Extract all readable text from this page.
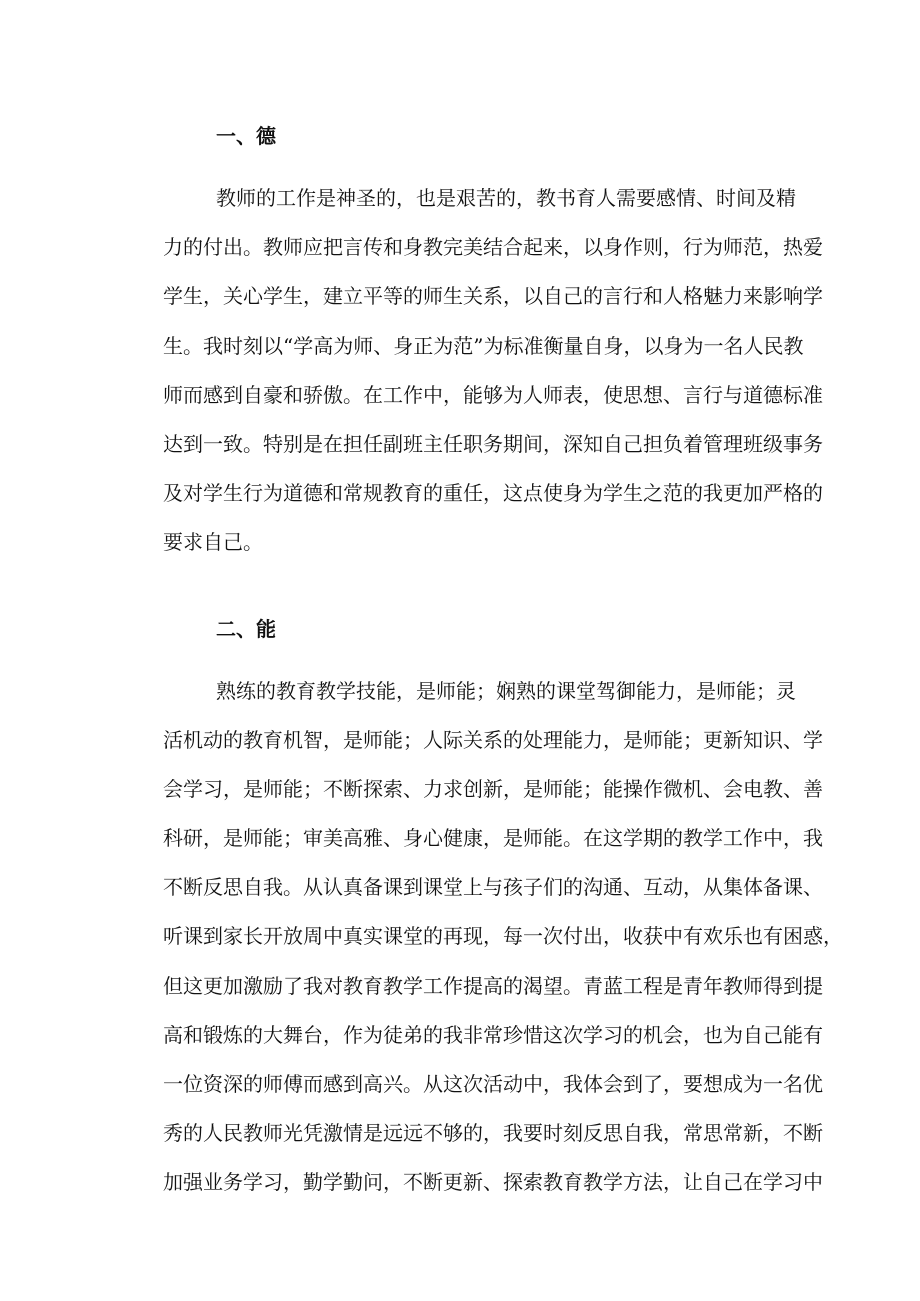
一、德
教师的工作是神圣的，也是艰苦的，教书育人需要感情、时间及精
力的付出。教师应把言传和身教完美结合起来，以身作则，行为师范，热爱
学生，关心学生，建立平等的师生关系，以自己的言行和人格魅力来影响学
生。我时刻以“学高为师、身正为范”为标准衡量自身，以身为一名人民教
师而感到自豪和骄傲。在工作中，能够为人师表，使思想、言行与道德标准
达到一致。特别是在担任副班主任职务期间，深知自己担负着管理班级事务
及对学生行为道德和常规教育的重任，这点使身为学生之范的我更加严格的
要求自己。
二、能
熟练的教育教学技能，是师能；娴熟的课堂驾御能力，是师能；灵
活机动的教育机智，是师能；人际关系的处理能力，是师能；更新知识、学
会学习，是师能；不断探索、力求创新，是师能；能操作微机、会电教、善
科研，是师能；审美高雅、身心健康，是师能。在这学期的教学工作中，我
不断反思自我。从认真备课到课堂上与孩子们的沟通、互动，从集体备课、
听课到家长开放周中真实课堂的再现，每一次付出，收获中有欢乐也有困惑，
但这更加激励了我对教育教学工作提高的渴望。青蓝工程是青年教师得到提
高和锻炼的大舞台，作为徒弟的我非常珍惜这次学习的机会，也为自己能有
一位资深的师傅而感到高兴。从这次活动中，我体会到了，要想成为一名优
秀的人民教师光凭激情是远远不够的，我要时刻反思自我，常思常新，不断
加强业务学习，勤学勤问，不断更新、探索教育教学方法，让自己在学习中
